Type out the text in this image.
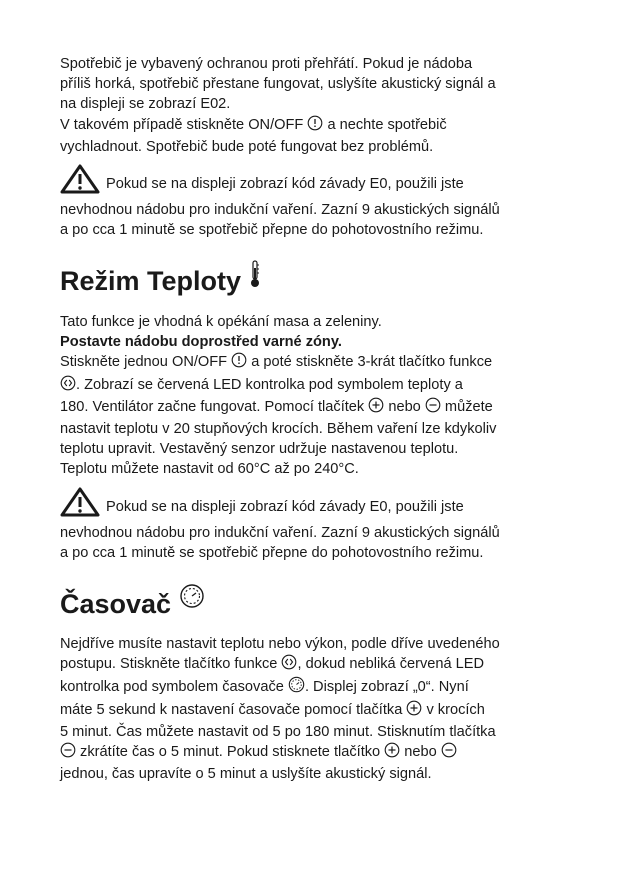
Spotřebič je vybavený ochranou proti přehřátí. Pokud je nádoba
příliš horká, spotřebič přestane fungovat, uslyšíte akustický signál a
na displeji se zobrazí E02.
V takovém případě stiskněte ON/OFF  a nechte spotřebič
vychladnout. Spotřebič bude poté fungovat bez problémů.

Pokud se na displeji zobrazí kód závady E0, použili jste
nevhodnou nádobu pro indukční vaření. Zazní 9 akustických signálů
a po cca 1 minutě se spotřebič přepne do pohotovostního režimu.

Režim Teploty

Tato funkce je vhodná k opékání masa a zeleniny.
Postavte nádobu doprostřed varné zóny.
Stiskněte jednou ON/OFF  a poté stiskněte 3-krát tlačítko funkce
. Zobrazí se červená LED kontrolka pod symbolem teploty a
180. Ventilátor začne fungovat. Pomocí tlačítek  nebo  můžete
nastavit teplotu v 20 stupňových krocích. Během vaření lze kdykoliv
teplotu upravit. Vestavěný senzor udržuje nastavenou teplotu.
Teplotu můžete nastavit od 60°C až po 240°C.

Pokud se na displeji zobrazí kód závady E0, použili jste
nevhodnou nádobu pro indukční vaření. Zazní 9 akustických signálů
a po cca 1 minutě se spotřebič přepne do pohotovostního režimu.

Časovač

Nejdříve musíte nastavit teplotu nebo výkon, podle dříve uvedeného
postupu. Stiskněte tlačítko funkce , dokud nebliká červená LED
kontrolka pod symbolem časovače . Displej zobrazí „0“. Nyní
máte 5 sekund k nastavení časovače pomocí tlačítka  v krocích
5 minut. Čas můžete nastavit od 5 po 180 minut. Stisknutím tlačítka
zkrátíte čas o 5 minut. Pokud stisknete tlačítko  nebo
jednou, čas upravíte o 5 minut a uslyšíte akustický signál.
